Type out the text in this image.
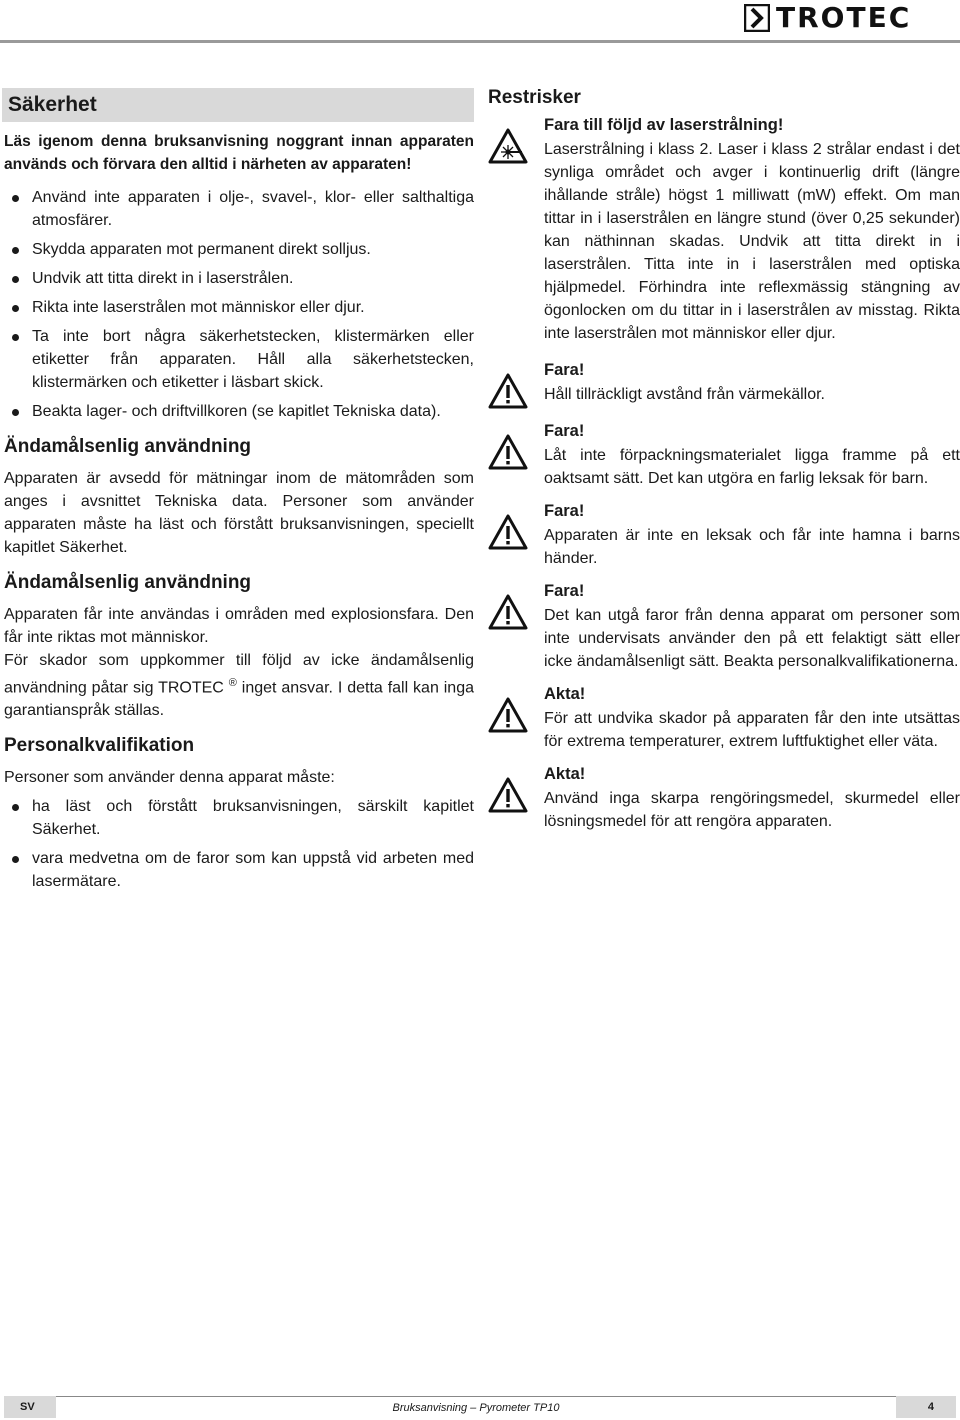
TROTEC
Säkerhet

Läs igenom denna bruksanvisning noggrant innan apparaten används och förvara den alltid i närheten av apparaten!

Använd inte apparaten i olje-, svavel-, klor- eller salthaltiga atmosfärer.
Skydda apparaten mot permanent direkt solljus.
Undvik att titta direkt in i laserstrålen.
Rikta inte laserstrålen mot människor eller djur.
Ta inte bort några säkerhetstecken, klistermärken eller etiketter från apparaten. Håll alla säkerhetstecken, klistermärken och etiketter i läsbart skick.
Beakta lager- och driftvillkoren (se kapitlet Tekniska data).
Ändamålsenlig användning

Apparaten är avsedd för mätningar inom de mätområden som anges i avsnittet Tekniska data. Personer som använder apparaten måste ha läst och förstått bruksanvisningen, speciellt kapitlet Säkerhet.

Ändamålsenlig användning

Apparaten får inte användas i områden med explosionsfara. Den får inte riktas mot människor.

För skador som uppkommer till följd av icke ändamålsenlig användning påtar sig TROTEC ® inget ansvar. I detta fall kan inga garantianspråk ställas.

Personalkvalifikation

Personer som använder denna apparat måste:

ha läst och förstått bruksanvisningen, särskilt kapitlet Säkerhet.
vara medvetna om de faror som kan uppstå vid arbeten med lasermätare.
Restrisker
Fara till följd av laserstrålning!
Laserstrålning i klass 2. Laser i klass 2 strålar endast i det synliga området och avger i kontinuerlig drift (längre ihållande stråle) högst 1 milliwatt (mW) effekt. Om man tittar in i laserstrålen en längre stund (över 0,25 sekunder) kan näthinnan skadas. Undvik att titta direkt in i laserstrålen. Titta inte in i laserstrålen med optiska hjälpmedel. Förhindra inte reflexmässig stängning av ögonlocken om du tittar in i laserstrålen av misstag. Rikta inte laserstrålen mot människor eller djur.
Fara!
Håll tillräckligt avstånd från värmekällor.
Fara!
Låt inte förpackningsmaterialet ligga framme på ett oaktsamt sätt. Det kan utgöra en farlig leksak för barn.
Fara!
Apparaten är inte en leksak och får inte hamna i barns händer.
Fara!
Det kan utgå faror från denna apparat om personer som inte undervisats använder den på ett felaktigt sätt eller icke ändamålsenligt sätt. Beakta personalkvalifikationerna.
Akta!
För att undvika skador på apparaten får den inte utsättas för extrema temperaturer, extrem luftfuktighet eller väta.
Akta!
Använd inga skarpa rengöringsmedel, skurmedel eller lösningsmedel för att rengöra apparaten.
SV	Bruksanvisning – Pyrometer TP10	4
